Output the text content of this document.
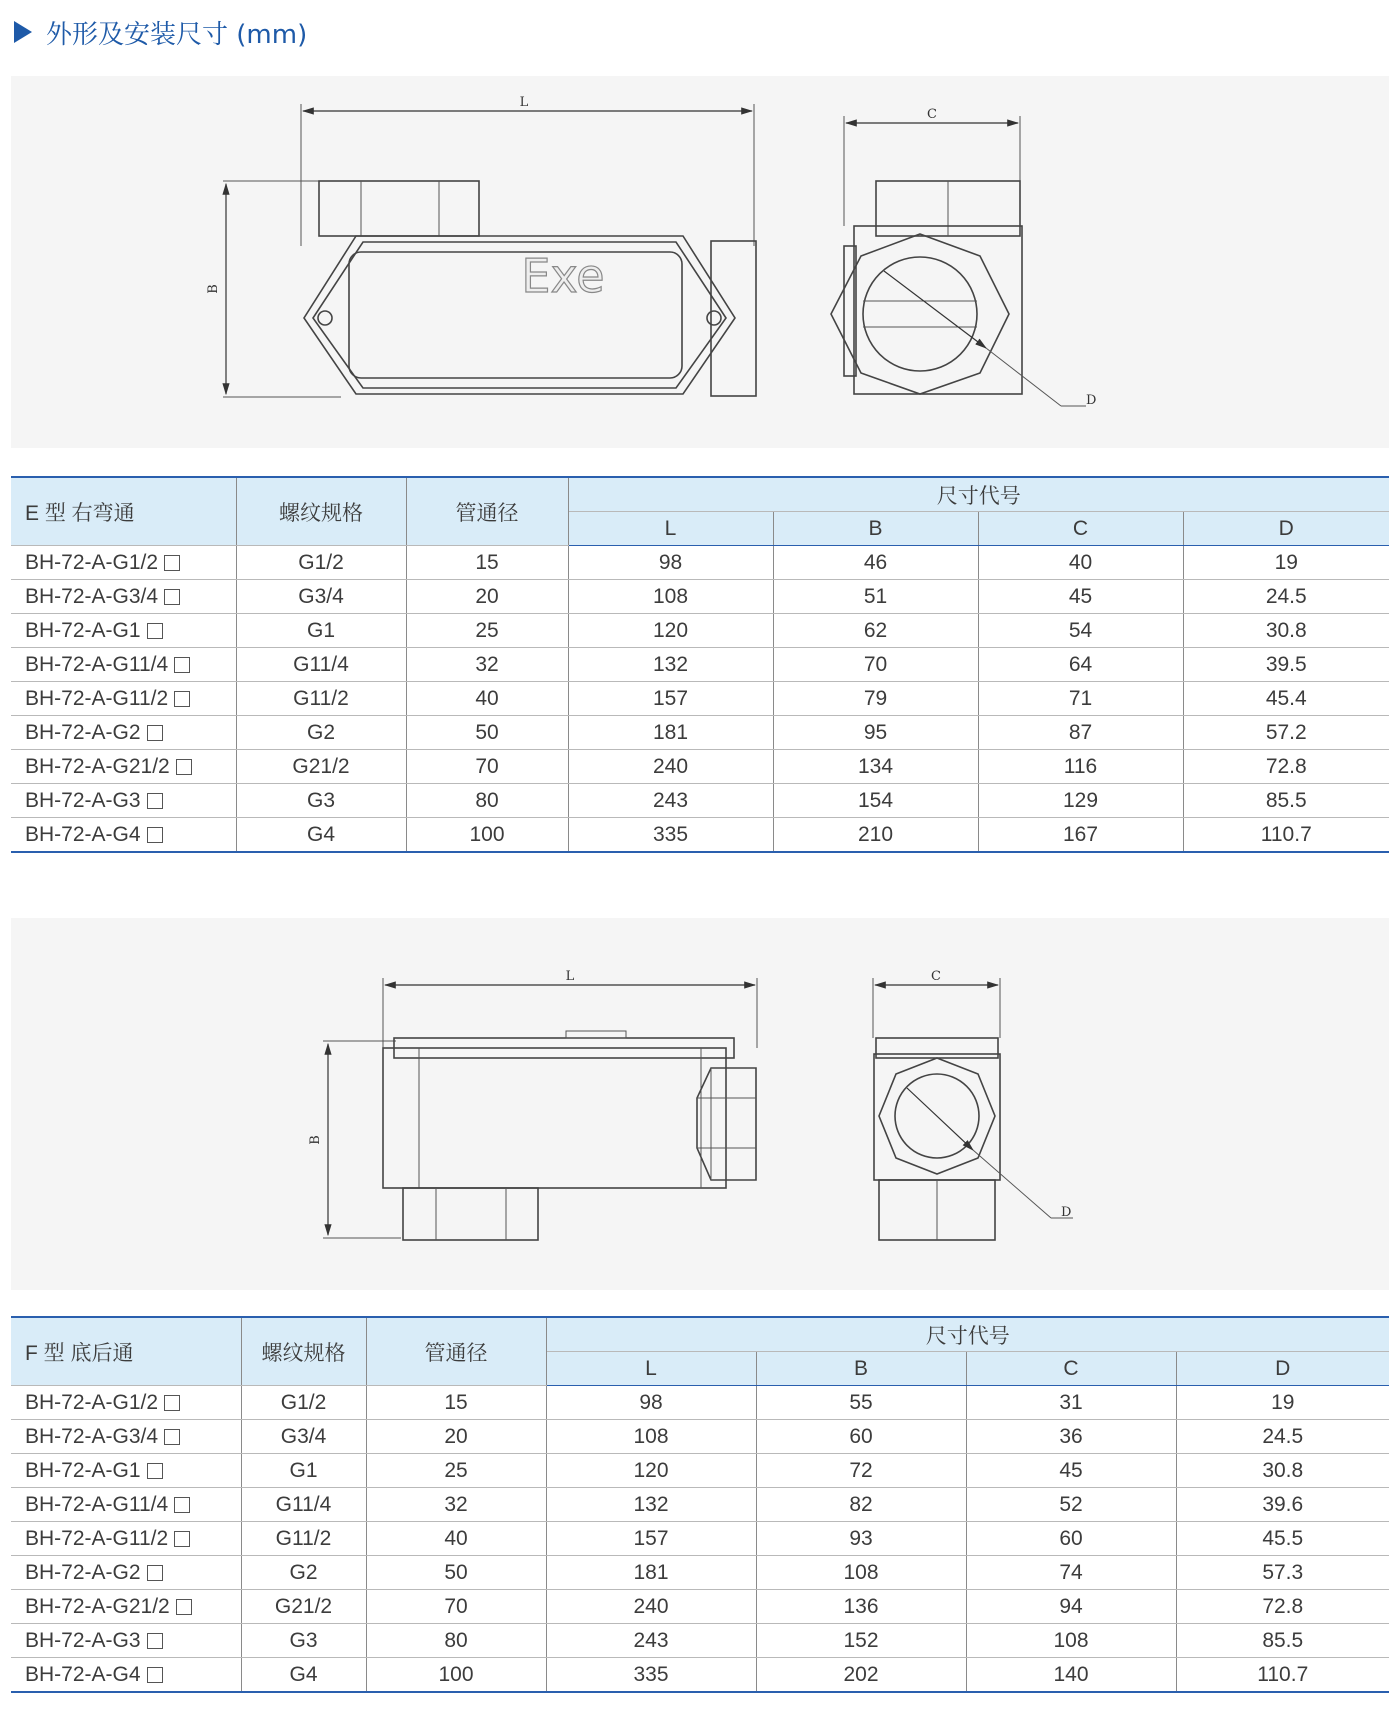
外形及安装尺寸 (mm)
L
B	Exe
C
D
E 型 右弯通	螺纹规格	管通径	尺寸代号			
			L	B	C	D
BH-72-A-G1/2	G1/2	15	98	46	40	19
BH-72-A-G3/4	G3/4	20	108	51	45	24.5
BH-72-A-G1	G1	25	120	62	54	30.8
BH-72-A-G11/4	G11/4	32	132	70	64	39.5
BH-72-A-G11/2	G11/2	40	157	79	71	45.4
BH-72-A-G2	G2	50	181	95	87	57.2
BH-72-A-G21/2	G21/2	70	240	134	116	72.8
BH-72-A-G3	G3	80	243	154	129	85.5
BH-72-A-G4	G4	100	335	210	167	110.7
L
B
C
D
F 型 底后通	螺纹规格	管通径	尺寸代号			
			L	B	C	D
BH-72-A-G1/2	G1/2	15	98	55	31	19
BH-72-A-G3/4	G3/4	20	108	60	36	24.5
BH-72-A-G1	G1	25	120	72	45	30.8
BH-72-A-G11/4	G11/4	32	132	82	52	39.6
BH-72-A-G11/2	G11/2	40	157	93	60	45.5
BH-72-A-G2	G2	50	181	108	74	57.3
BH-72-A-G21/2	G21/2	70	240	136	94	72.8
BH-72-A-G3	G3	80	243	152	108	85.5
BH-72-A-G4	G4	100	335	202	140	110.7
